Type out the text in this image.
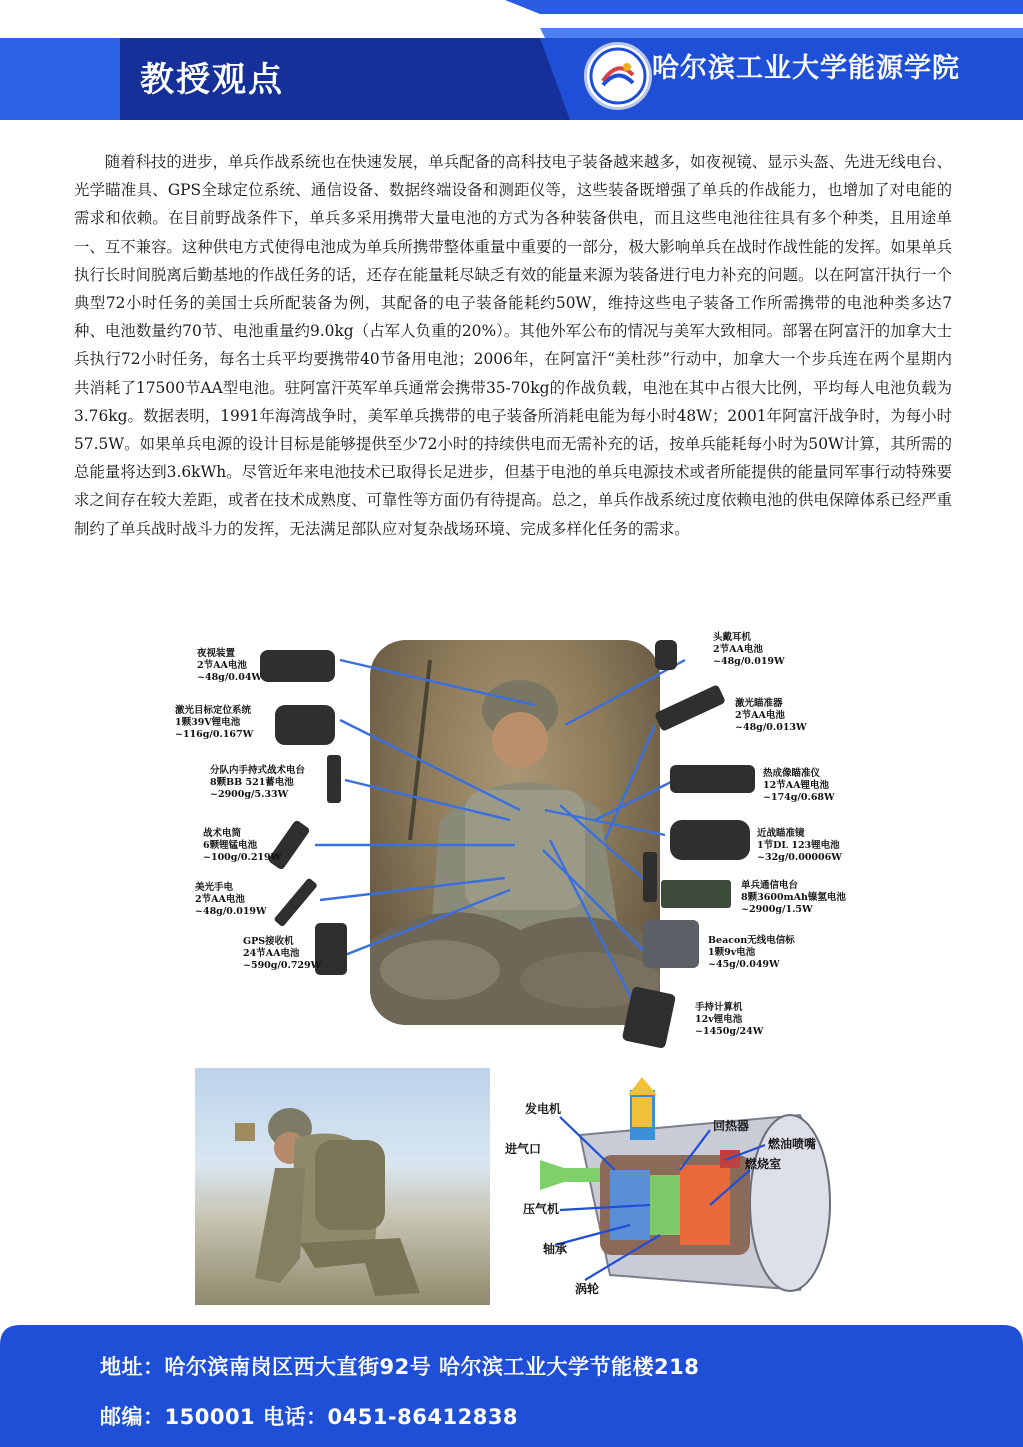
教授观点	哈尔滨工业大学能源学院

随着科技的进步，单兵作战系统也在快速发展，单兵配备的高科技电子装备越来越多，如夜视镜、显示头盔、先进无线电台、光学瞄准具、GPS全球定位系统、通信设备、数据终端设备和测距仪等，这些装备既增强了单兵的作战能力，也增加了对电能的需求和依赖。在目前野战条件下，单兵多采用携带大量电池的方式为各种装备供电，而且这些电池往往具有多个种类，且用途单一、互不兼容。这种供电方式使得电池成为单兵所携带整体重量中重要的一部分，极大影响单兵在战时作战性能的发挥。如果单兵执行长时间脱离后勤基地的作战任务的话，还存在能量耗尽缺乏有效的能量来源为装备进行电力补充的问题。以在阿富汗执行一个典型72小时任务的美国士兵所配装备为例，其配备的电子装备能耗约50W，维持这些电子装备工作所需携带的电池种类多达7种、电池数量约70节、电池重量约9.0kg（占军人负重的20%）。其他外军公布的情况与美军大致相同。部署在阿富汗的加拿大士兵执行72小时任务，每名士兵平均要携带40节备用电池；2006年，在阿富汗“美杜莎”行动中，加拿大一个步兵连在两个星期内共消耗了17500节AA型电池。驻阿富汗英军单兵通常会携带35-70kg的作战负载，电池在其中占很大比例，平均每人电池负载为3.76kg。数据表明，1991年海湾战争时，美军单兵携带的电子装备所消耗电能为每小时48W；2001年阿富汗战争时，为每小时57.5W。如果单兵电源的设计目标是能够提供至少72小时的持续供电而无需补充的话，按单兵能耗每小时为50W计算，其所需的总能量将达到3.6kWh。尽管近年来电池技术已取得长足进步，但基于电池的单兵电源技术或者所能提供的能量同军事行动特殊要求之间存在较大差距，或者在技术成熟度、可靠性等方面仍有待提高。总之，单兵作战系统过度依赖电池的供电保障体系已经严重制约了单兵战时战斗力的发挥，无法满足部队应对复杂战场环境、完成多样化任务的需求。

夜视装置
2节AA电池
~48g/0.04W
激光目标定位系统
1颗39V锂电池
~116g/0.167W
分队内手持式战术电台
8颗BB 521蓄电池
~2900g/5.33W
战术电筒
6颗锂锰电池
~100g/0.219W
美光手电
2节AA电池
~48g/0.019W
GPS接收机
24节AA电池
~590g/0.729W
头戴耳机
2节AA电池
~48g/0.019W
激光瞄准器
2节AA电池
~48g/0.013W
热成像瞄准仪
12节AA锂电池
~174g/0.68W
近战瞄准镜
1节DL 123锂电池
~32g/0.00006W
单兵通信电台
8颗3600mAh镍氢电池
~2900g/1.5W
Beacon无线电信标
1颗9v电池
~45g/0.049W
手持计算机
12v锂电池
~1450g/24W
发电机
进气口
压气机
轴承
涡轮
回热器
燃油喷嘴
燃烧室
地址：哈尔滨南岗区西大直街92号 哈尔滨工业大学节能楼218
邮编：150001 电话：0451-86412838
